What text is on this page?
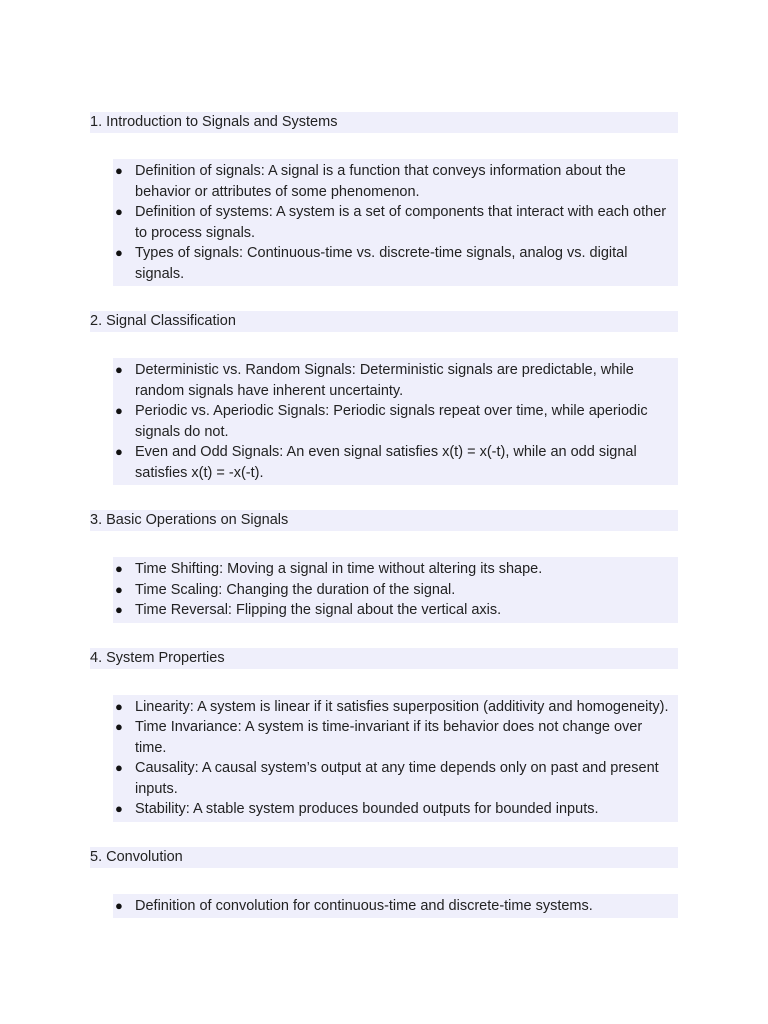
1. Introduction to Signals and Systems
● Definition of signals: A signal is a function that conveys information about the behavior or attributes of some phenomenon.
● Definition of systems: A system is a set of components that interact with each other to process signals.
● Types of signals: Continuous-time vs. discrete-time signals, analog vs. digital signals.
2. Signal Classification
● Deterministic vs. Random Signals: Deterministic signals are predictable, while random signals have inherent uncertainty.
● Periodic vs. Aperiodic Signals: Periodic signals repeat over time, while aperiodic signals do not.
● Even and Odd Signals: An even signal satisfies x(t) = x(-t), while an odd signal satisfies x(t) = -x(-t).
3. Basic Operations on Signals
● Time Shifting: Moving a signal in time without altering its shape.
● Time Scaling: Changing the duration of the signal.
● Time Reversal: Flipping the signal about the vertical axis.
4. System Properties
● Linearity: A system is linear if it satisfies superposition (additivity and homogeneity).
● Time Invariance: A system is time-invariant if its behavior does not change over time.
● Causality: A causal system’s output at any time depends only on past and present inputs.
● Stability: A stable system produces bounded outputs for bounded inputs.
5. Convolution
● Definition of convolution for continuous-time and discrete-time systems.
